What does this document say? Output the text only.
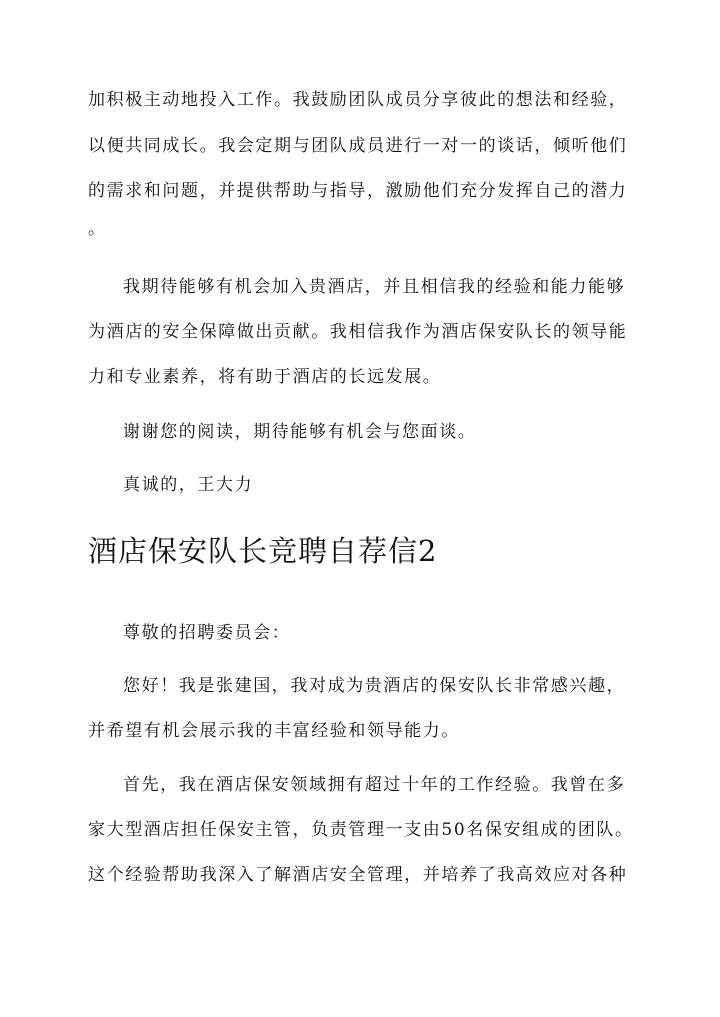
加积极主动地投入工作。我鼓励团队成员分享彼此的想法和经验，
以便共同成长。我会定期与团队成员进行一对一的谈话，倾听他们
的需求和问题，并提供帮助与指导，激励他们充分发挥自己的潜力
。
我期待能够有机会加入贵酒店，并且相信我的经验和能力能够
为酒店的安全保障做出贡献。我相信我作为酒店保安队长的领导能
力和专业素养，将有助于酒店的长远发展。
谢谢您的阅读，期待能够有机会与您面谈。
真诚的，王大力
酒店保安队长竞聘自荐信2
尊敬的招聘委员会：
您好！我是张建国，我对成为贵酒店的保安队长非常感兴趣，
并希望有机会展示我的丰富经验和领导能力。
首先，我在酒店保安领域拥有超过十年的工作经验。我曾在多
家大型酒店担任保安主管，负责管理一支由50名保安组成的团队。
这个经验帮助我深入了解酒店安全管理，并培养了我高效应对各种
